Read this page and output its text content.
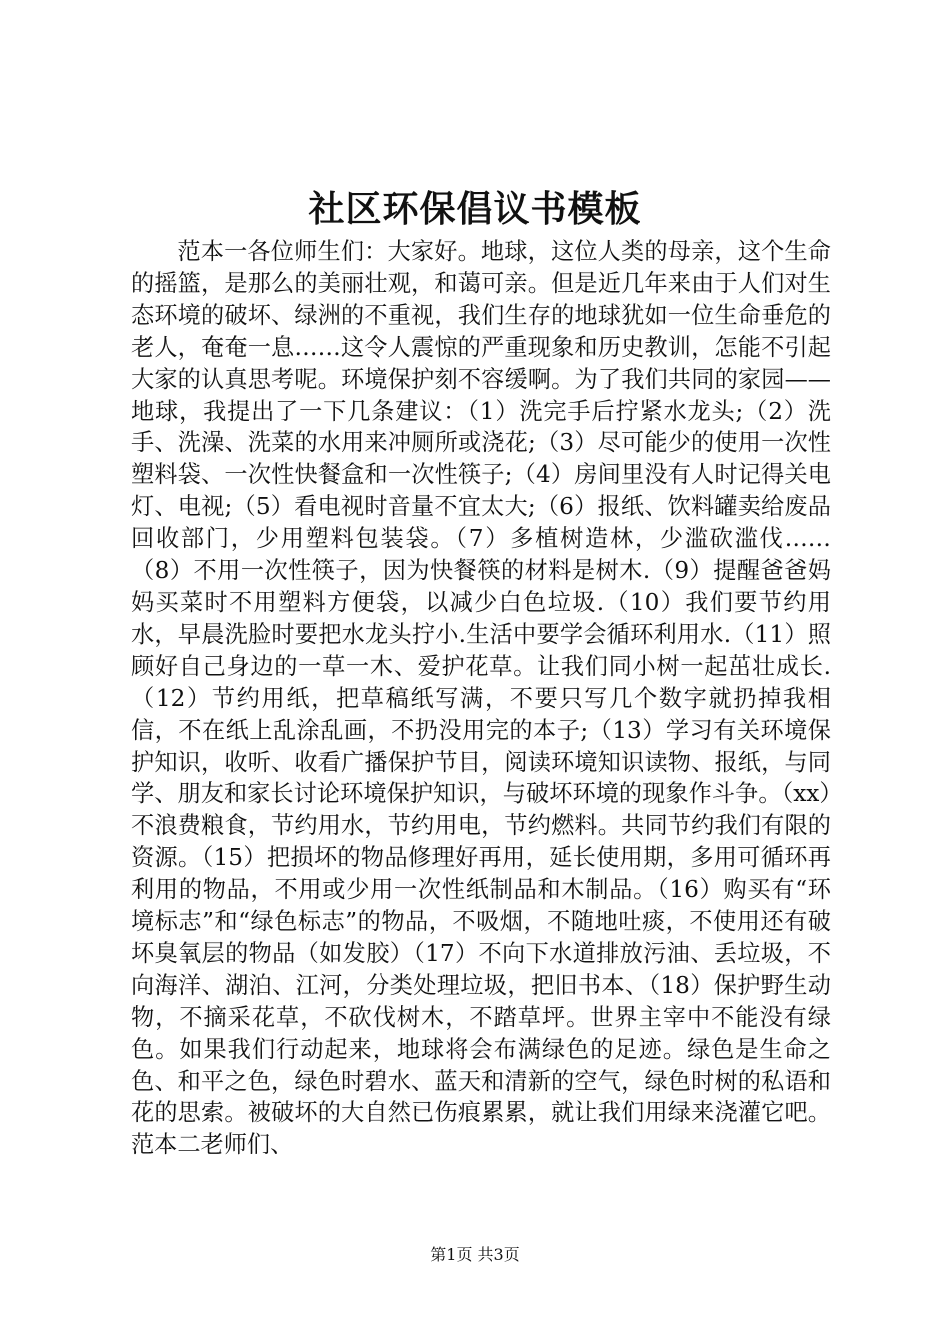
社区环保倡议书模板

范本一各位师生们：大家好。地球，这位人类的母亲，这个生命的摇篮，是那么的美丽壮观，和蔼可亲。但是近几年来由于人们对生态环境的破坏、绿洲的不重视，我们生存的地球犹如一位生命垂危的老人，奄奄一息……这令人震惊的严重现象和历史教训，怎能不引起大家的认真思考呢。环境保护刻不容缓啊。为了我们共同的家园——地球，我提出了一下几条建议：（1）洗完手后拧紧水龙头;（2）洗手、洗澡、洗菜的水用来冲厕所或浇花;（3）尽可能少的使用一次性塑料袋、一次性快餐盒和一次性筷子;（4）房间里没有人时记得关电灯、电视;（5）看电视时音量不宜太大;（6）报纸、饮料罐卖给废品回收部门，少用塑料包装袋。（7）多植树造林，少滥砍滥伐……（8）不用一次性筷子，因为快餐筷的材料是树木.（9）提醒爸爸妈妈买菜时不用塑料方便袋，以减少白色垃圾.（10）我们要节约用水，早晨洗脸时要把水龙头拧小.生活中要学会循环利用水.（11）照顾好自己身边的一草一木、爱护花草。让我们同小树一起茁壮成长.（12）节约用纸，把草稿纸写满，不要只写几个数字就扔掉我相信，不在纸上乱涂乱画，不扔没用完的本子;（13）学习有关环境保护知识，收听、收看广播保护节目，阅读环境知识读物、报纸，与同学、朋友和家长讨论环境保护知识，与破坏环境的现象作斗争。（xx）不浪费粮食，节约用水，节约用电，节约燃料。共同节约我们有限的资源。（15）把损坏的物品修理好再用，延长使用期，多用可循环再利用的物品，不用或少用一次性纸制品和木制品。（16）购买有“环境标志”和“绿色标志”的物品，不吸烟，不随地吐痰，不使用还有破坏臭氧层的物品（如发胶）（17）不向下水道排放污油、丢垃圾，不向海洋、湖泊、江河，分类处理垃圾，把旧书本、（18）保护野生动物，不摘采花草，不砍伐树木，不踏草坪。世界主宰中不能没有绿色。如果我们行动起来，地球将会布满绿色的足迹。绿色是生命之色、和平之色，绿色时碧水、蓝天和清新的空气，绿色时树的私语和花的思索。被破坏的大自然已伤痕累累，就让我们用绿来浇灌它吧。范本二老师们、

第1页 共3页
